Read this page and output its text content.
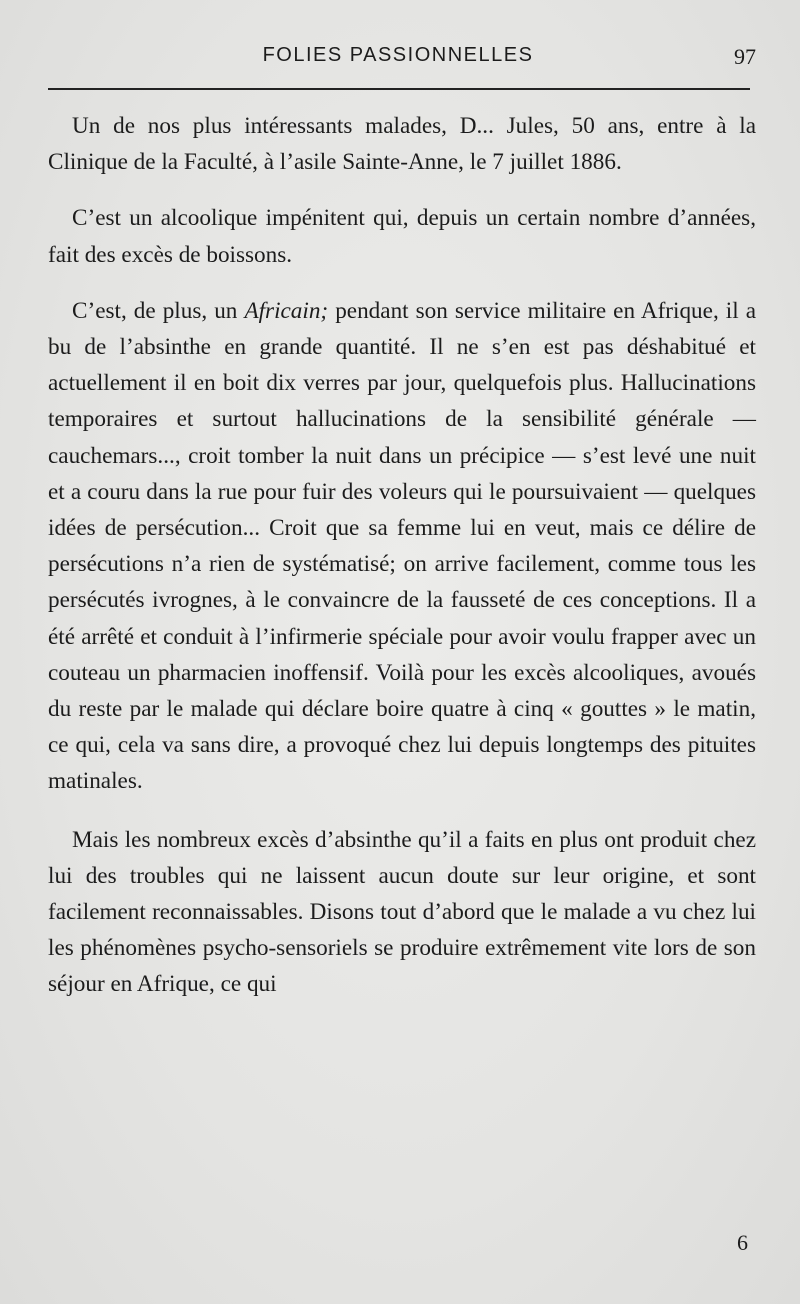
FOLIES PASSIONNELLES	97

Un de nos plus intéressants malades, D... Jules, 50 ans, entre à la Clinique de la Faculté, à l’asile Sainte-Anne, le 7 juillet 1886.

C’est un alcoolique impénitent qui, depuis un certain nombre d’années, fait des excès de boissons.

C’est, de plus, un Africain; pendant son service militaire en Afrique, il a bu de l’absinthe en grande quantité. Il ne s’en est pas déshabitué et actuellement il en boit dix verres par jour, quelquefois plus. Hallucinations temporaires et surtout hallucinations de la sensibilité générale — cauchemars..., croit tomber la nuit dans un précipice — s’est levé une nuit et a couru dans la rue pour fuir des voleurs qui le poursuivaient — quelques idées de persécution... Croit que sa femme lui en veut, mais ce délire de persécutions n’a rien de systématisé; on arrive facilement, comme tous les persécutés ivrognes, à le convaincre de la fausseté de ces conceptions. Il a été arrêté et conduit à l’infirmerie spéciale pour avoir voulu frapper avec un couteau un pharmacien inoffensif. Voilà pour les excès alcooliques, avoués du reste par le malade qui déclare boire quatre à cinq « gouttes » le matin, ce qui, cela va sans dire, a provoqué chez lui depuis longtemps des pituites matinales.

Mais les nombreux excès d’absinthe qu’il a faits en plus ont produit chez lui des troubles qui ne laissent aucun doute sur leur origine, et sont facilement reconnaissables. Disons tout d’abord que le malade a vu chez lui les phénomènes psycho-sensoriels se produire extrêmement vite lors de son séjour en Afrique, ce qui

6
